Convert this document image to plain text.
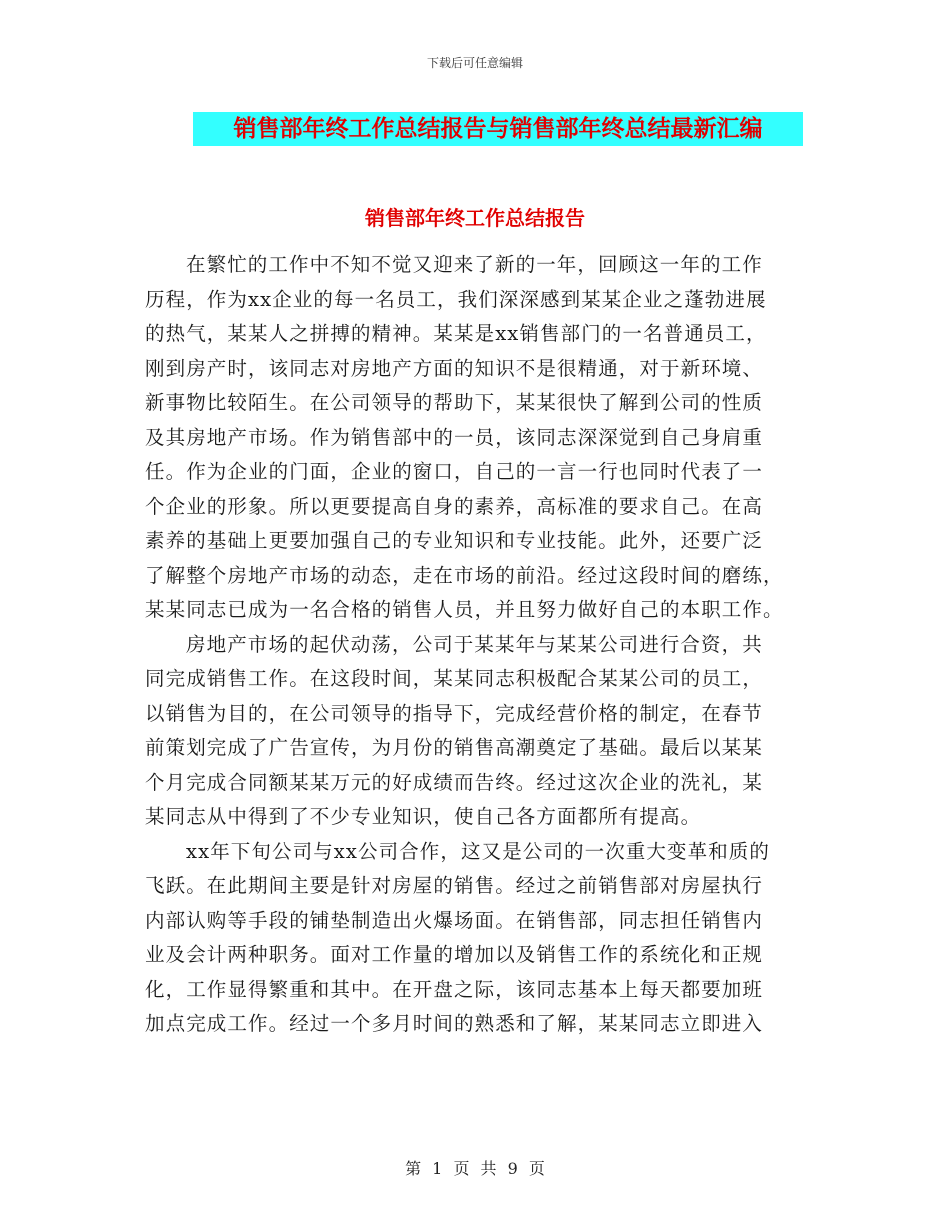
下载后可任意编辑
销售部年终工作总结报告与销售部年终总结最新汇编
销售部年终工作总结报告
在繁忙的工作中不知不觉又迎来了新的一年，回顾这一年的工作
历程，作为xx企业的每一名员工，我们深深感到某某企业之蓬勃进展
的热气，某某人之拼搏的精神。某某是xx销售部门的一名普通员工，
刚到房产时，该同志对房地产方面的知识不是很精通，对于新环境、
新事物比较陌生。在公司领导的帮助下，某某很快了解到公司的性质
及其房地产市场。作为销售部中的一员，该同志深深觉到自己身肩重
任。作为企业的门面，企业的窗口，自己的一言一行也同时代表了一
个企业的形象。所以更要提高自身的素养，高标准的要求自己。在高
素养的基础上更要加强自己的专业知识和专业技能。此外，还要广泛
了解整个房地产市场的动态，走在市场的前沿。经过这段时间的磨练，
某某同志已成为一名合格的销售人员，并且努力做好自己的本职工作。
房地产市场的起伏动荡，公司于某某年与某某公司进行合资，共
同完成销售工作。在这段时间，某某同志积极配合某某公司的员工，
以销售为目的，在公司领导的指导下，完成经营价格的制定，在春节
前策划完成了广告宣传，为月份的销售高潮奠定了基础。最后以某某
个月完成合同额某某万元的好成绩而告终。经过这次企业的洗礼，某
某同志从中得到了不少专业知识，使自己各方面都所有提高。
xx年下旬公司与xx公司合作，这又是公司的一次重大变革和质的
飞跃。在此期间主要是针对房屋的销售。经过之前销售部对房屋执行
内部认购等手段的铺垫制造出火爆场面。在销售部，同志担任销售内
业及会计两种职务。面对工作量的增加以及销售工作的系统化和正规
化，工作显得繁重和其中。在开盘之际，该同志基本上每天都要加班
加点完成工作。经过一个多月时间的熟悉和了解，某某同志立即进入
第 1 页 共 9 页
